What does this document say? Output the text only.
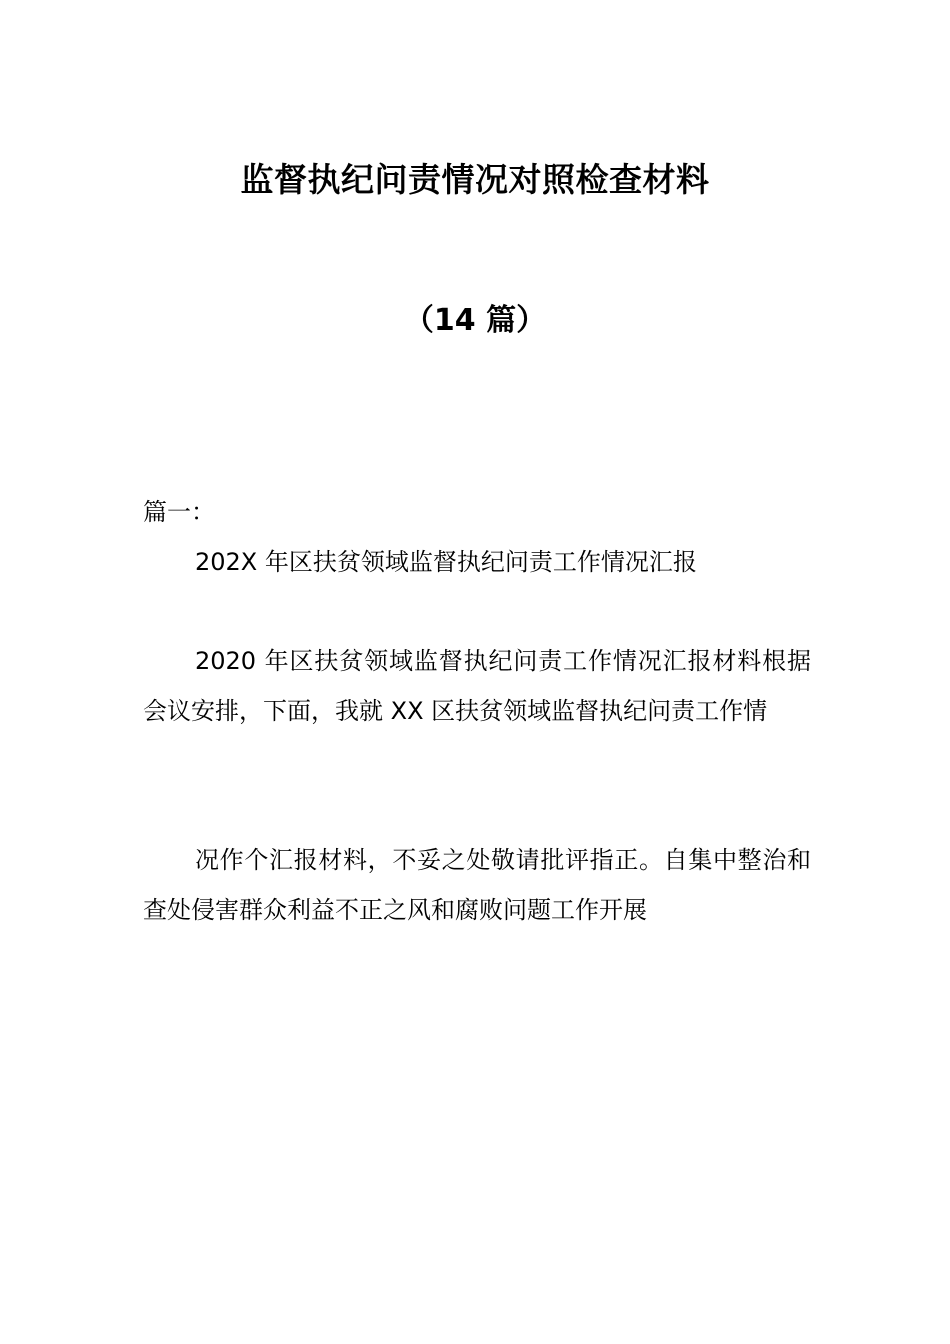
监督执纪问责情况对照检查材料
（14 篇）

篇一：

202X 年区扶贫领域监督执纪问责工作情况汇报

2020 年区扶贫领域监督执纪问责工作情况汇报材料根据会议安排，下面，我就 XX 区扶贫领域监督执纪问责工作情

况作个汇报材料，不妥之处敬请批评指正。自集中整治和查处侵害群众利益不正之风和腐败问题工作开展
